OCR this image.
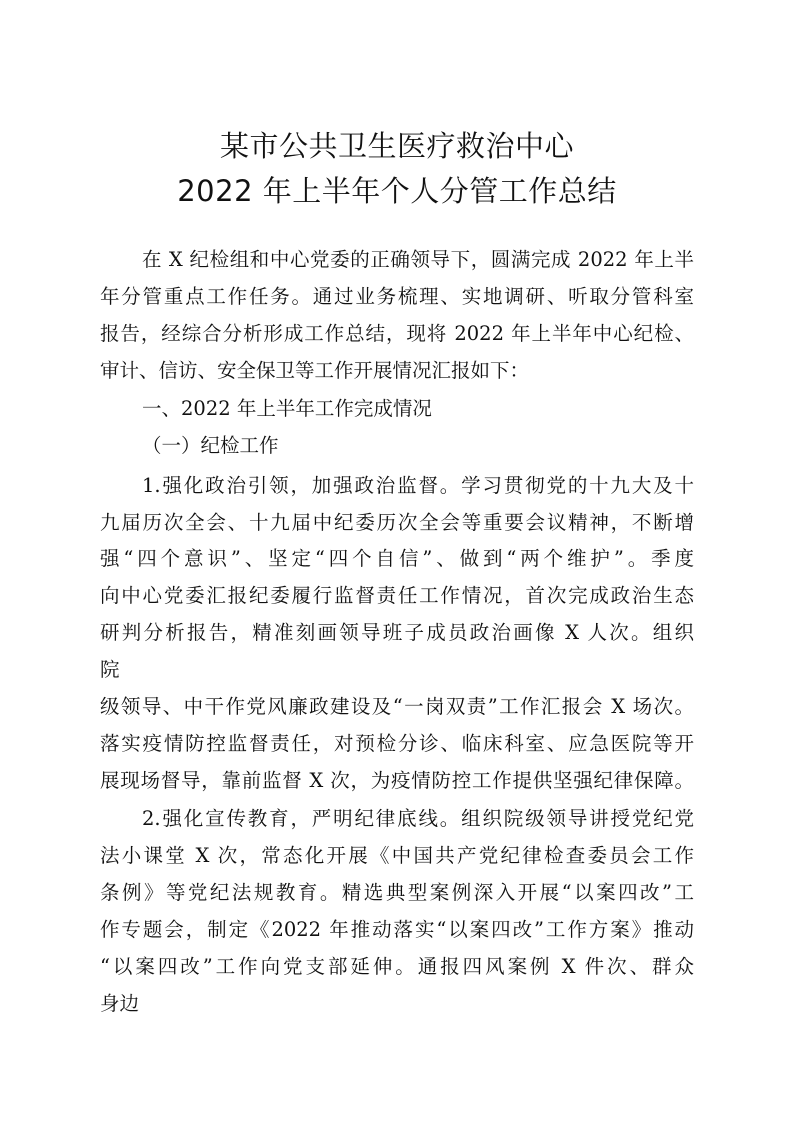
某市公共卫生医疗救治中心
2022 年上半年个人分管工作总结
在 X 纪检组和中心党委的正确领导下，圆满完成 2022 年上半
年分管重点工作任务。通过业务梳理、实地调研、听取分管科室
报告，经综合分析形成工作总结，现将 2022 年上半年中心纪检、
审计、信访、安全保卫等工作开展情况汇报如下：
一、2022 年上半年工作完成情况
（一）纪检工作
1.强化政治引领，加强政治监督。学习贯彻党的十九大及十
九届历次全会、十九届中纪委历次全会等重要会议精神，不断增
强“四个意识”、坚定“四个自信”、做到“两个维护”。季度
向中心党委汇报纪委履行监督责任工作情况，首次完成政治生态
研判分析报告，精准刻画领导班子成员政治画像 X 人次。组织
院
级领导、中干作党风廉政建设及“一岗双责”工作汇报会 X 场次。
落实疫情防控监督责任，对预检分诊、临床科室、应急医院等开
展现场督导，靠前监督 X 次，为疫情防控工作提供坚强纪律保障。
2.强化宣传教育，严明纪律底线。组织院级领导讲授党纪党
法小课堂 X 次，常态化开展《中国共产党纪律检查委员会工作
条例》等党纪法规教育。精选典型案例深入开展“以案四改”工
作专题会，制定《2022 年推动落实“以案四改”工作方案》推动
“以案四改”工作向党支部延伸。通报四风案例 X 件次、群众
身边
